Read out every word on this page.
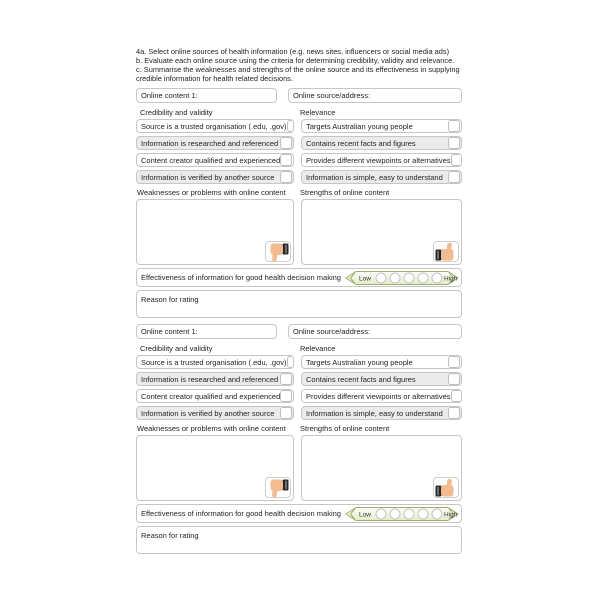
4a. Select online sources of health information (e.g. news sites, influencers or social media ads)

b. Evaluate each online source using the criteria for determining credibility, validity and relevance.

c. Summarise the weaknesses and strengths of the online source and its effectiveness in supplying credible information for health related decisions.

Online content 1:	Online source/address:
Credibility and validity	Relevance
Source is a trusted organisation (.edu, .gov)	Targets Australian young people
Information is researched and referenced	Contains recent facts and figures
Content creator qualified and experienced	Provides different viewpoints or alternatives
Information is verified by another source	Information is simple, easy to understand
Weaknesses or problems with online content	Strengths of online content
Effectiveness of information for good health decision making	Low	High
Reason for rating
Online content 1:	Online source/address:
Credibility and validity	Relevance
Source is a trusted organisation (.edu, .gov)	Targets Australian young people
Information is researched and referenced	Contains recent facts and figures
Content creator qualified and experienced	Provides different viewpoints or alternatives
Information is verified by another source	Information is simple, easy to understand
Weaknesses or problems with online content	Strengths of online content
Effectiveness of information for good health decision making	Low	High
Reason for rating
